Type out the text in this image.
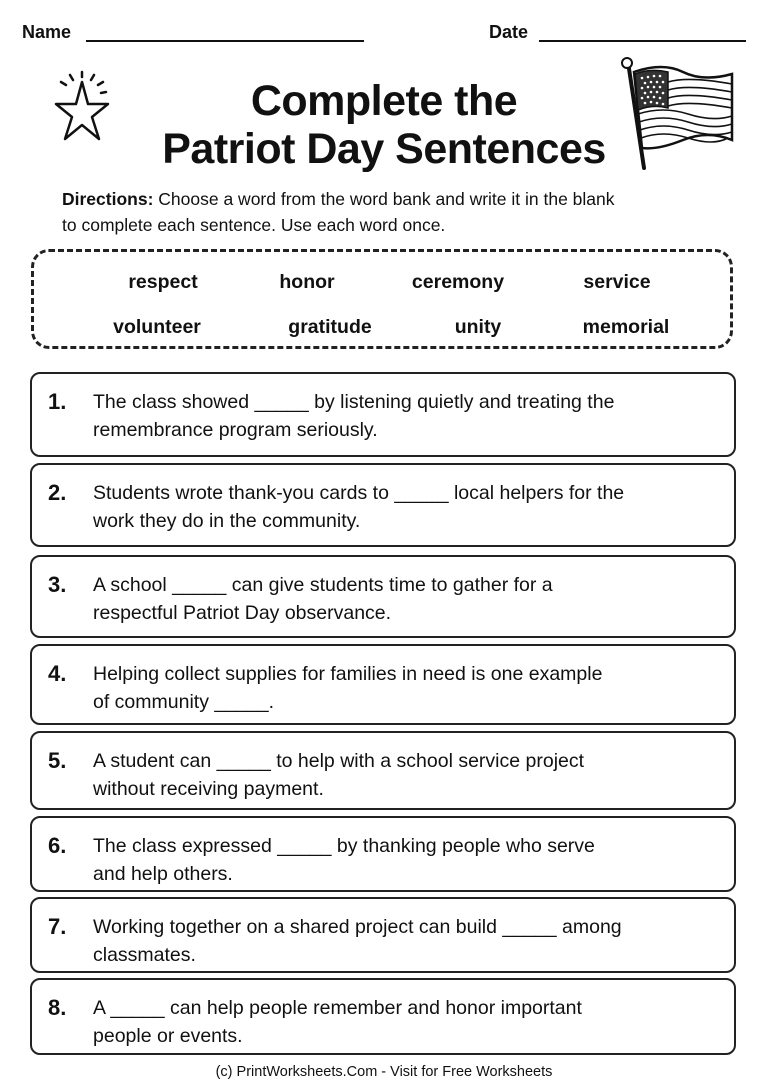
Name	Date
Complete the
Patriot Day Sentences
Directions: Choose a word from the word bank and write it in the blank
to complete each sentence. Use each word once.
respect	honor	ceremony	service
volunteer	gratitude	unity	memorial
1. The class showed _____ by listening quietly and treating the
remembrance program seriously.
2. Students wrote thank-you cards to _____ local helpers for the
work they do in the community.
3. A school _____ can give students time to gather for a
respectful Patriot Day observance.
4. Helping collect supplies for families in need is one example
of community _____.
5. A student can _____ to help with a school service project
without receiving payment.
6. The class expressed _____ by thanking people who serve
and help others.
7. Working together on a shared project can build _____ among
classmates.
8. A _____ can help people remember and honor important
people or events.
(c) PrintWorksheets.Com - Visit for Free Worksheets
